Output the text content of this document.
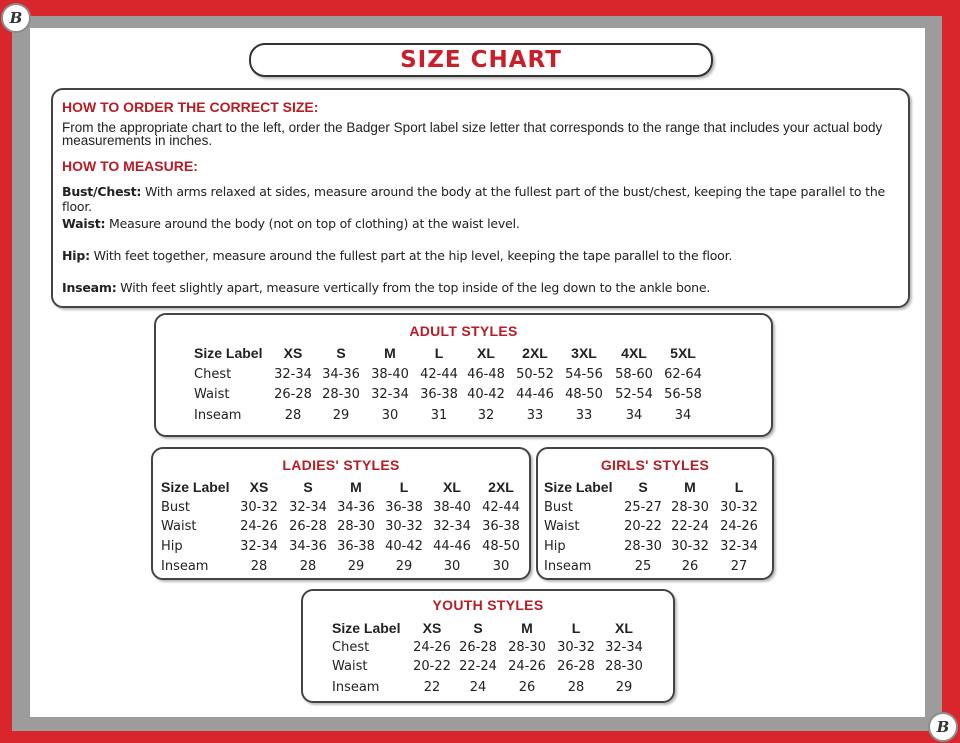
B
B
SIZE CHART
HOW TO ORDER THE CORRECT SIZE:
From the appropriate chart to the left, order the Badger Sport label size letter that corresponds to the range that includes your actual body measurements in inches.
HOW TO MEASURE:
Bust/Chest: With arms relaxed at sides, measure around the body at the fullest part of the bust/chest, keeping the tape parallel to the floor.
Waist: Measure around the body (not on top of clothing) at the waist level.
Hip: With feet together, measure around the fullest part at the hip level, keeping the tape parallel to the floor.
Inseam: With feet slightly apart, measure vertically from the top inside of the leg down to the ankle bone.
ADULT STYLES
Size Label	XS	S	M	L	XL	2XL	3XL	4XL	5XL
Chest	32-34 34-36 38-40 42-44 46-48 50-52 54-56 58-60 62-64
Waist	26-28 28-30 32-34 36-38 40-42 44-46 48-50 52-54 56-58
Inseam	28	29	30	31	32	33	33	34	34
LADIES' STYLES
Size Label	XS	S	M	L	XL	2XL
Bust	30-32 32-34 34-36 36-38 38-40 42-44
Waist	24-26 26-28 28-30 30-32 32-34 36-38
Hip	32-34 34-36 36-38 40-42 44-46 48-50
Inseam	28	28	29	29	30	30
GIRLS' STYLES
Size Label	S	M	L
Bust	25-27 28-30 30-32
Waist	20-22 22-24 24-26
Hip	28-30 30-32 32-34
Inseam	25	26	27
YOUTH STYLES
Size Label	XS	S	M	L	XL
Chest	24-26 26-28 28-30 30-32 32-34
Waist	20-22 22-24 24-26 26-28 28-30
Inseam	22	24	26	28	29
